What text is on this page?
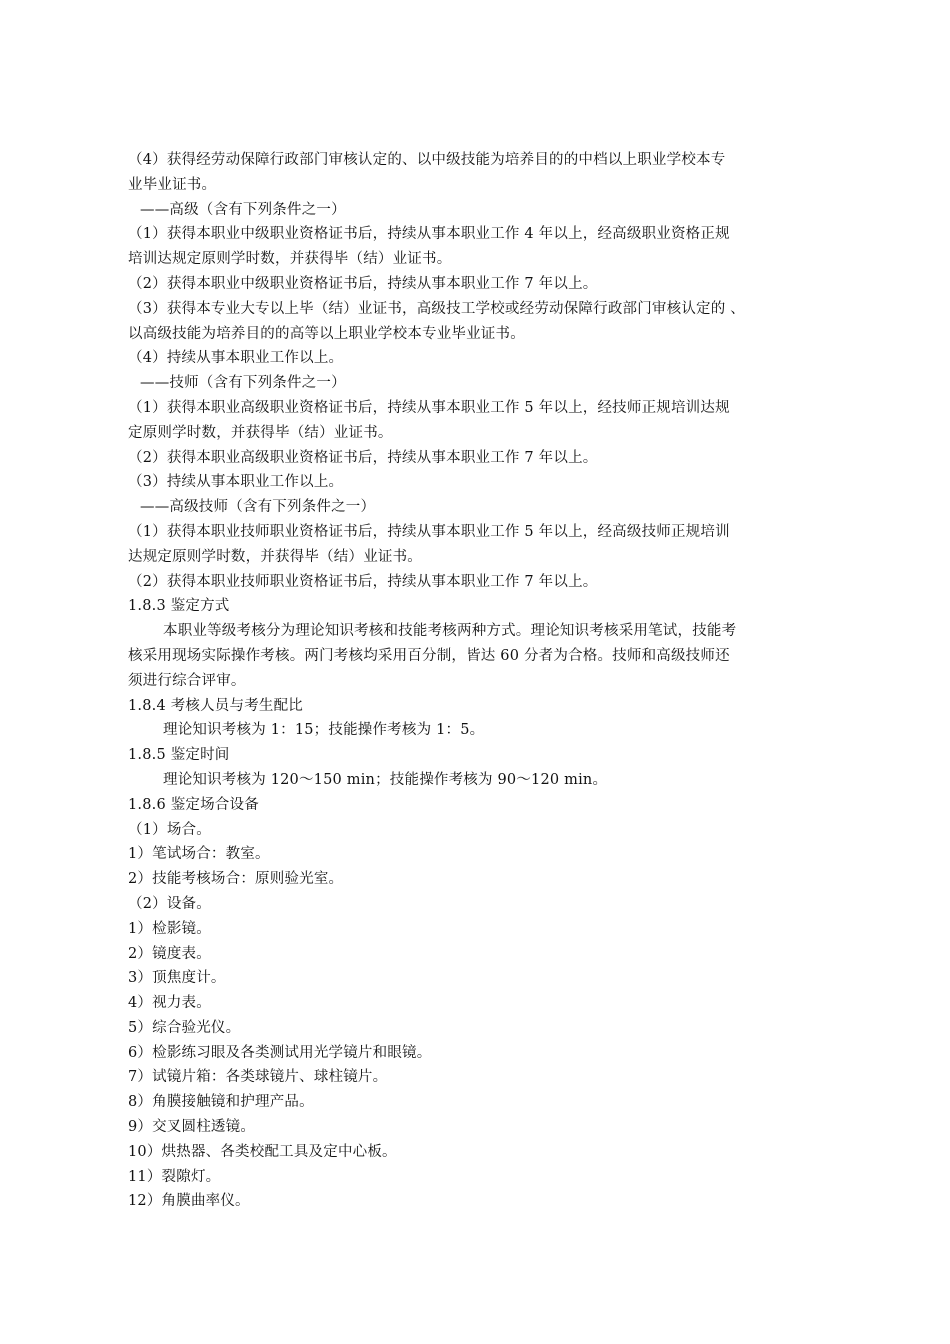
（4）获得经劳动保障行政部门审核认定的、以中级技能为培养目的的中档以上职业学校本专
业毕业证书。
——高级（含有下列条件之一）
（1）获得本职业中级职业资格证书后，持续从事本职业工作 4 年以上，经高级职业资格正规
培训达规定原则学时数，并获得毕（结）业证书。
（2）获得本职业中级职业资格证书后，持续从事本职业工作 7 年以上。
（3）获得本专业大专以上毕（结）业证书，高级技工学校或经劳动保障行政部门审核认定的 、
以高级技能为培养目的的高等以上职业学校本专业毕业证书。
（4）持续从事本职业工作以上。
——技师（含有下列条件之一）
（1）获得本职业高级职业资格证书后，持续从事本职业工作 5 年以上，经技师正规培训达规
定原则学时数，并获得毕（结）业证书。
（2）获得本职业高级职业资格证书后，持续从事本职业工作 7 年以上。
（3）持续从事本职业工作以上。
——高级技师（含有下列条件之一）
（1）获得本职业技师职业资格证书后，持续从事本职业工作 5 年以上，经高级技师正规培训
达规定原则学时数，并获得毕（结）业证书。
（2）获得本职业技师职业资格证书后，持续从事本职业工作 7 年以上。
1.8.3 鉴定方式
本职业等级考核分为理论知识考核和技能考核两种方式。理论知识考核采用笔试，技能考
核采用现场实际操作考核。两门考核均采用百分制，皆达 60 分者为合格。技师和高级技师还
须进行综合评审。
1.8.4 考核人员与考生配比
理论知识考核为 1：15；技能操作考核为 1：5。
1.8.5 鉴定时间
理论知识考核为 120～150 min；技能操作考核为 90～120 min。
1.8.6 鉴定场合设备
（1）场合。
1）笔试场合：教室。
2）技能考核场合：原则验光室。
（2）设备。
1）检影镜。
2）镜度表。
3）顶焦度计。
4）视力表。
5）综合验光仪。
6）检影练习眼及各类测试用光学镜片和眼镜。
7）试镜片箱：各类球镜片、球柱镜片。
8）角膜接触镜和护理产品。
9）交叉圆柱透镜。
10）烘热器、各类校配工具及定中心板。
11）裂隙灯。
12）角膜曲率仪。
